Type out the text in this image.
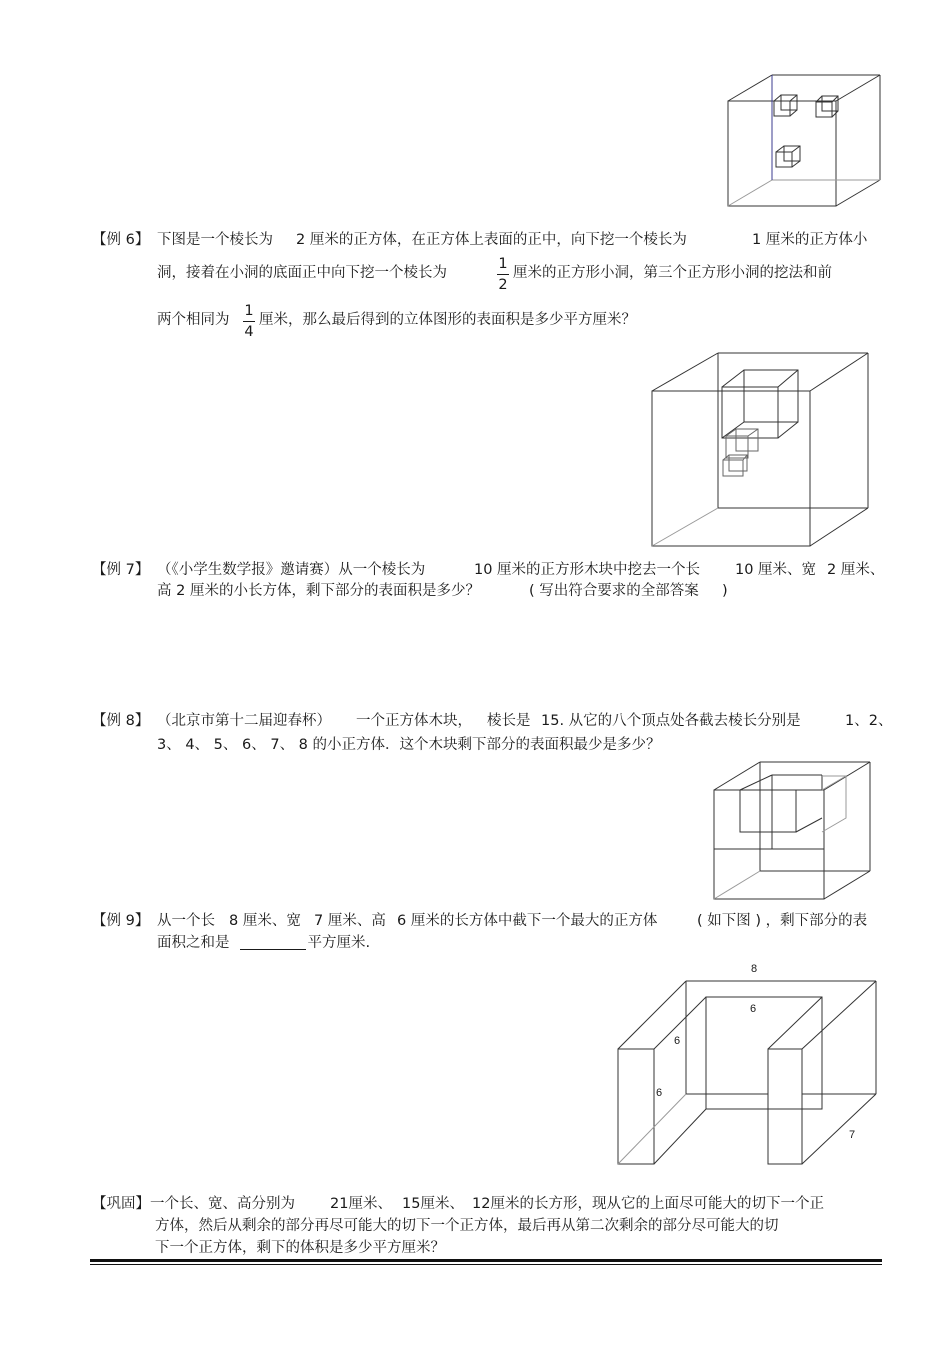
【例 6】 下图是一个棱长为 2 厘米的正方体，在正方体上表面的正中，向下挖一个棱长为	1 厘米的正方体小
洞，接着在小洞的底面正中向下挖一个棱长为
1
2
厘米的正方形小洞，第三个正方形小洞的挖法和前
两个相同为
1
4
厘米，那么最后得到的立体图形的表面积是多少平方厘米？
【例 7】 （《小学生数学报》邀请赛）从一个棱长为	10 厘米的正方形木块中挖去一个长 10 厘米、宽 2 厘米、
高 2 厘米的小长方体，剩下部分的表面积是多少？	( 写出符合要求的全部答案 )
【例 8】 （北京市第十二届迎春杯） 一个正方体木块， 棱长是 15. 从它的八个顶点处各截去棱长分别是	1、2、
3、 4、 5、 6、 7、 8 的小正方体．这个木块剩下部分的表面积最少是多少？
【例 9】 从一个长 8 厘米、宽 7 厘米、高 6 厘米的长方体中截下一个最大的正方体	( 如下图 ) ，剩下部分的表
面积之和是	平方厘米.
8
6
6
6
7
【巩固】 一个长、宽、高分别为 21厘米、 15厘米、 12厘米的长方形，现从它的上面尽可能大的切下一个正
方体，然后从剩余的部分再尽可能大的切下一个正方体，最后再从第二次剩余的部分尽可能大的切
下一个正方体，剩下的体积是多少平方厘米？
